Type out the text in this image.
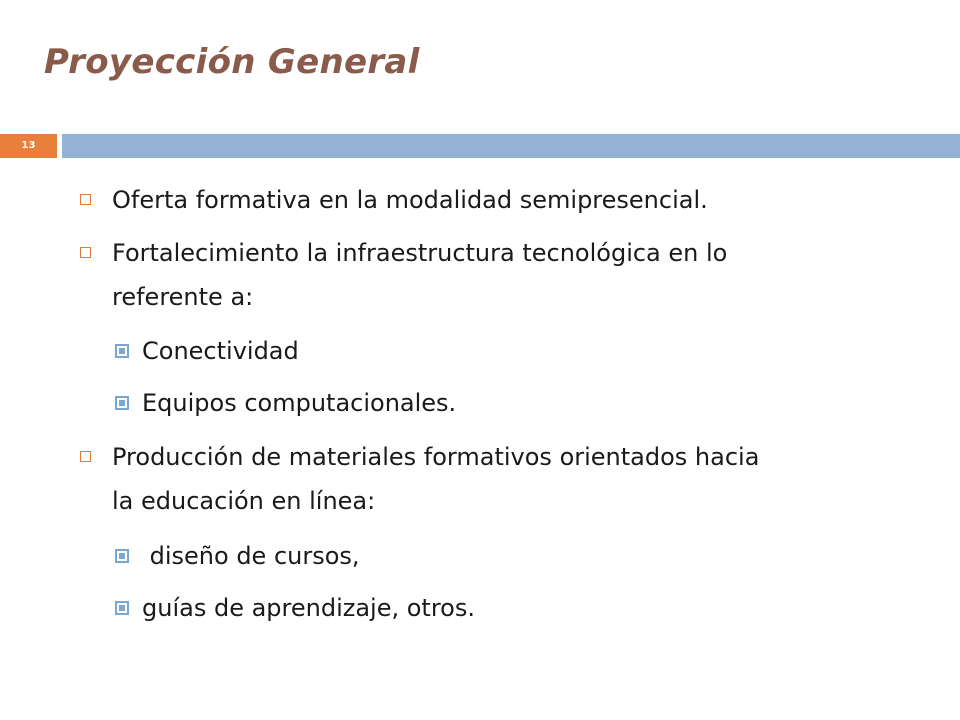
Proyección General
13
Oferta formativa en la modalidad semipresencial.
Fortalecimiento la infraestructura tecnológica en lo
referente a:
Conectividad
Equipos computacionales.
Producción de materiales formativos orientados hacia
la educación en línea:
diseño de cursos,
guías de aprendizaje, otros.
